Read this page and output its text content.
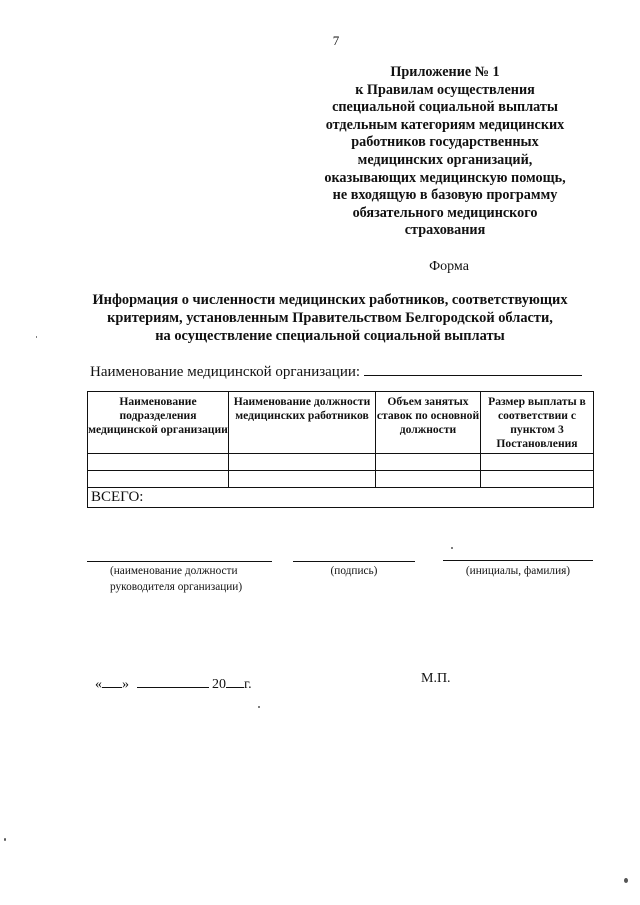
7
Приложение № 1
к Правилам осуществления
специальной социальной выплаты
отдельным категориям медицинских
работников государственных
медицинских организаций,
оказывающих медицинскую помощь,
не входящую в базовую программу
обязательного медицинского
страхования
Форма
Информация о численности медицинских работников, соответствующих
критериям, установленным Правительством Белгородской области,
на осуществление специальной социальной выплаты
Наименование медицинской организации:
Наименование подразделения медицинской организации	Наименование должности медицинских работников	Объем занятых ставок по основной должности	Размер выплаты в соответствии с пунктом 3 Постановления

ВСЕГО:			
(наименование должности руководителя организации)
(подпись)	(инициалы, фамилия)
« »	20 г.	М.П.
